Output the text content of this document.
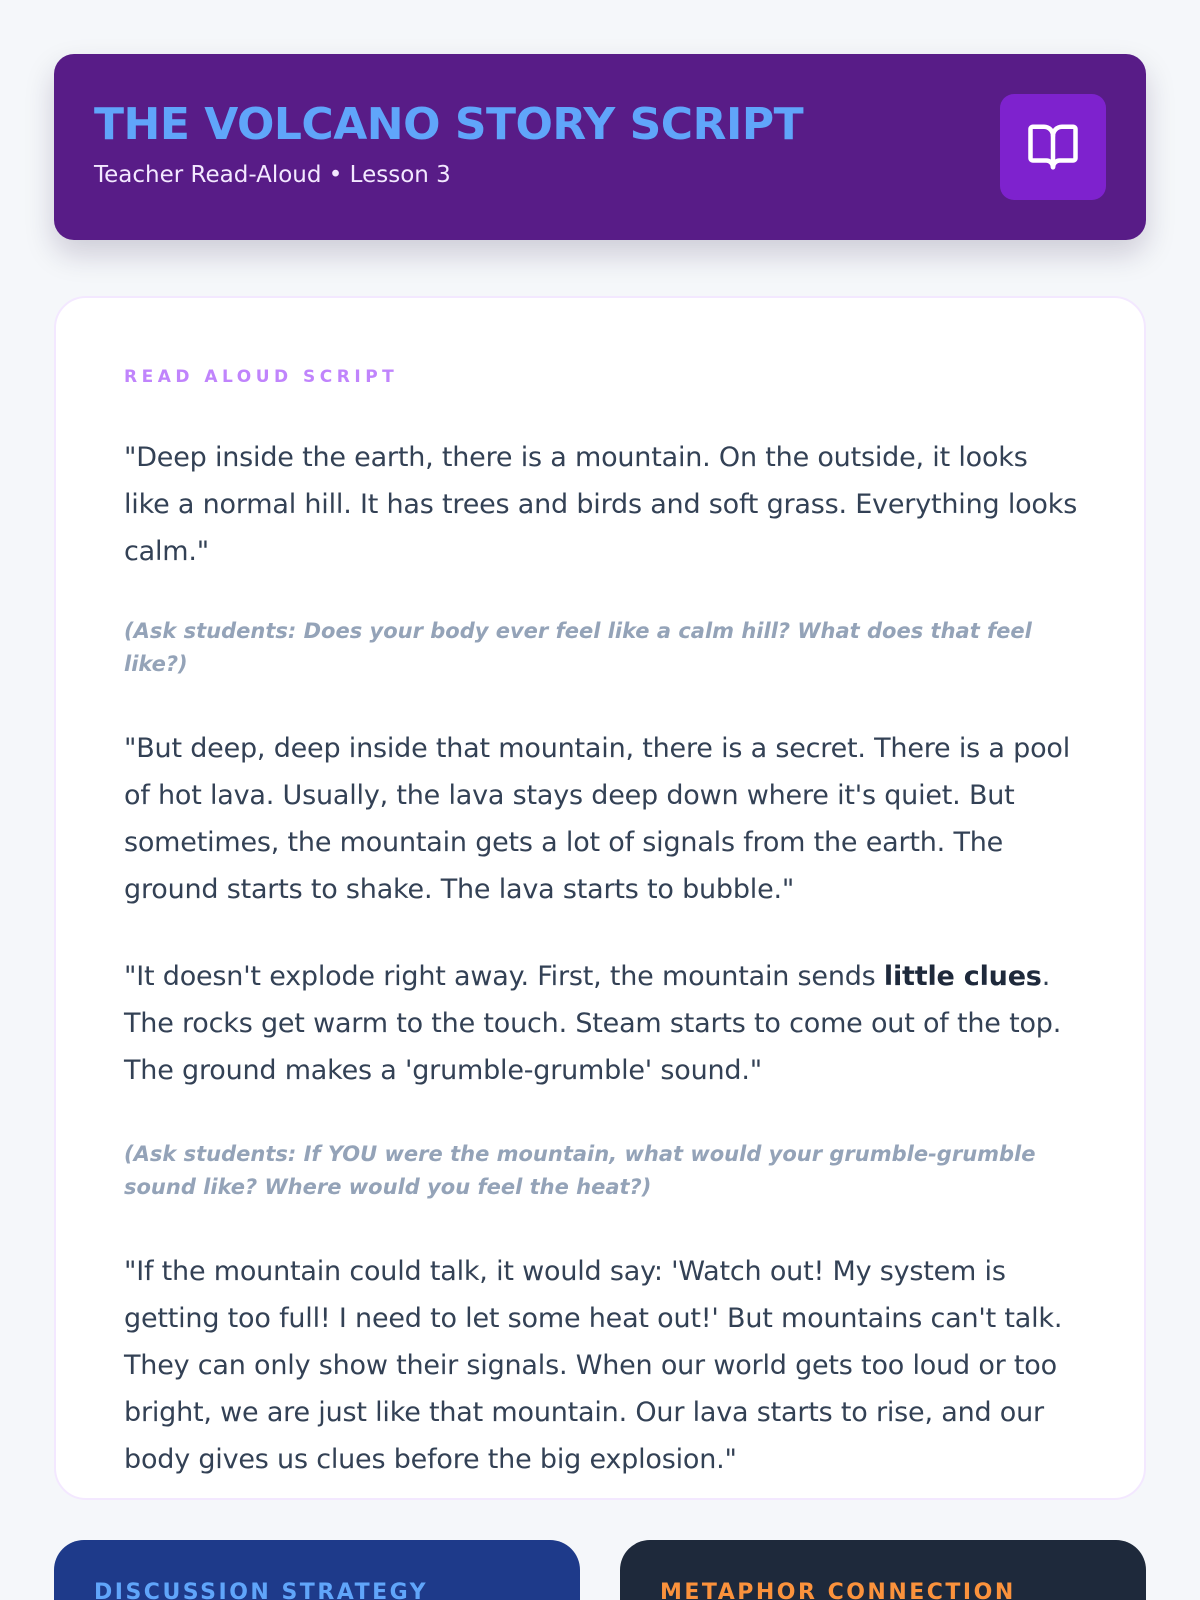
THE VOLCANO STORY SCRIPT
Teacher Read-Aloud • Lesson 3
READ ALOUD SCRIPT

"Deep inside the earth, there is a mountain. On the outside, it looks like a normal hill. It has trees and birds and soft grass. Everything looks calm."

(Ask students: Does your body ever feel like a calm hill? What does that feel like?)

"But deep, deep inside that mountain, there is a secret. There is a pool of hot lava. Usually, the lava stays deep down where it's quiet. But sometimes, the mountain gets a lot of signals from the earth. The ground starts to shake. The lava starts to bubble."

"It doesn't explode right away. First, the mountain sends little clues. The rocks get warm to the touch. Steam starts to come out of the top. The ground makes a 'grumble-grumble' sound."

(Ask students: If YOU were the mountain, what would your grumble-grumble sound like? Where would you feel the heat?)

"If the mountain could talk, it would say: 'Watch out! My system is getting too full! I need to let some heat out!' But mountains can't talk. They can only show their signals. When our world gets too loud or too bright, we are just like that mountain. Our lava starts to rise, and our body gives us clues before the big explosion."

DISCUSSION STRATEGY	METAPHOR CONNECTION
